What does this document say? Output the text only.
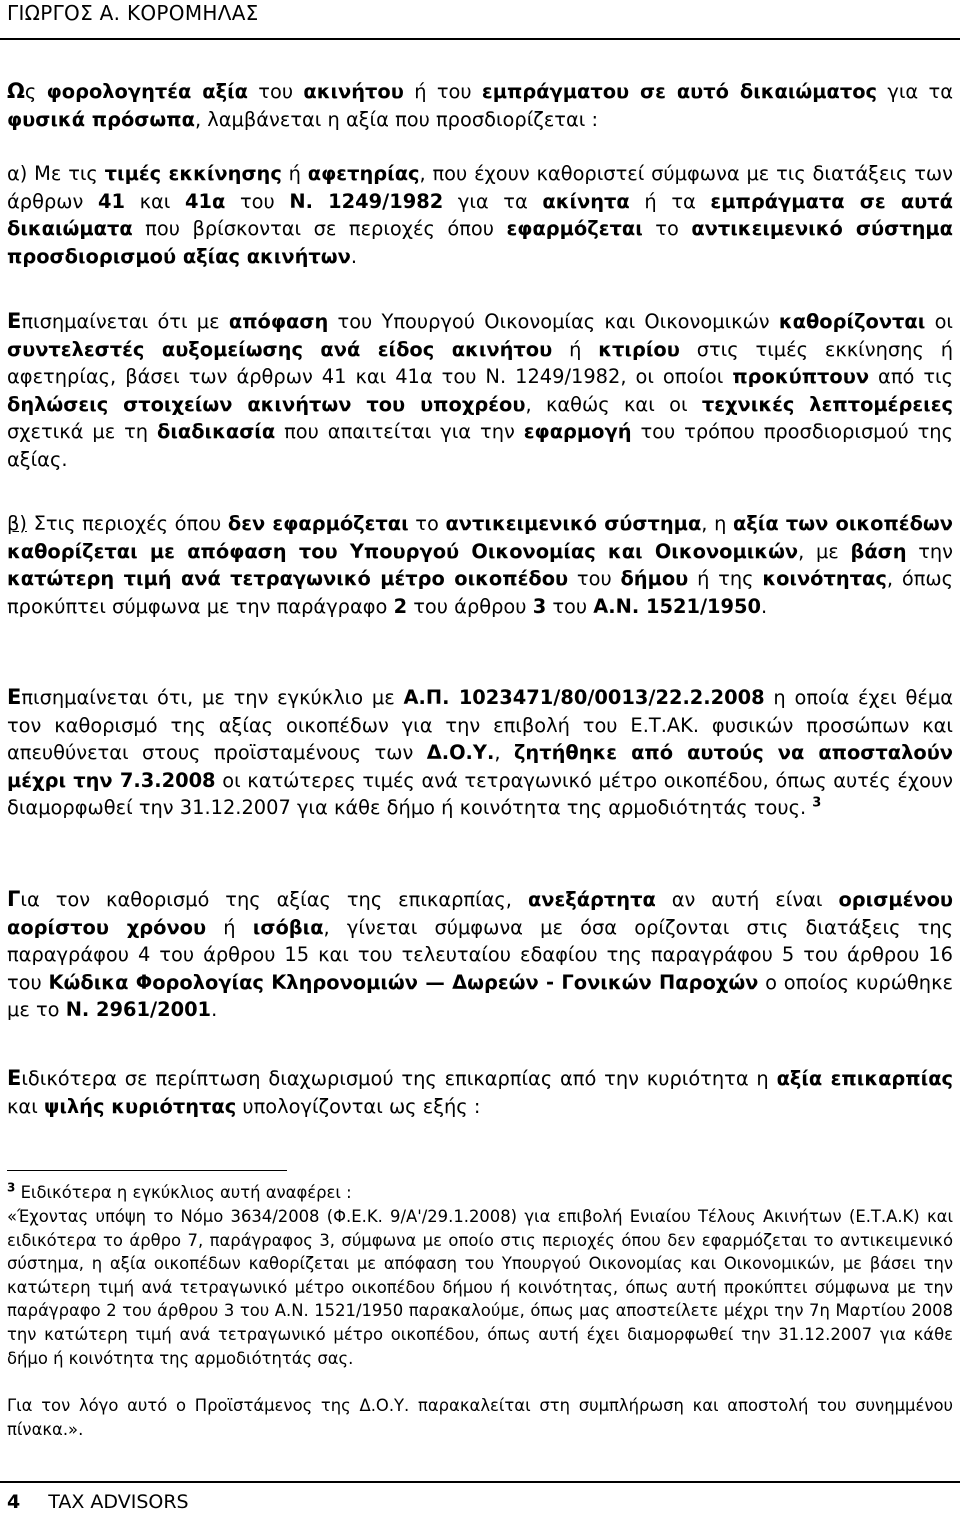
ΓΙΩΡΓΟΣ Α. ΚΟΡΟΜΗΛΑΣ

Ως φορολογητέα αξία του ακινήτου ή του εμπράγματου σε αυτό δικαιώματος για τα φυσικά πρόσωπα, λαμβάνεται η αξία που προσδιορίζεται :

α) Με τις τιμές εκκίνησης ή αφετηρίας, που έχουν καθοριστεί σύμφωνα με τις διατάξεις των άρθρων 41 και 41α του Ν. 1249/1982 για τα ακίνητα ή τα εμπράγματα σε αυτά δικαιώματα που βρίσκονται σε περιοχές όπου εφαρμόζεται το αντικειμενικό σύστημα προσδιορισμού αξίας ακινήτων.

Επισημαίνεται ότι με απόφαση του Υπουργού Οικονομίας και Οικονομικών καθορίζονται οι συντελεστές αυξομείωσης ανά είδος ακινήτου ή κτιρίου στις τιμές εκκίνησης ή αφετηρίας, βάσει των άρθρων 41 και 41α του Ν. 1249/1982, οι οποίοι προκύπτουν από τις δηλώσεις στοιχείων ακινήτων του υποχρέου, καθώς και οι τεχνικές λεπτομέρειες σχετικά με τη διαδικασία που απαιτείται για την εφαρμογή του τρόπου προσδιορισμού της αξίας.

β) Στις περιοχές όπου δεν εφαρμόζεται το αντικειμενικό σύστημα, η αξία των οικοπέδων καθορίζεται με απόφαση του Υπουργού Οικονομίας και Οικονομικών, με βάση την κατώτερη τιμή ανά τετραγωνικό μέτρο οικοπέδου του δήμου ή της κοινότητας, όπως προκύπτει σύμφωνα με την παράγραφο 2 του άρθρου 3 του Α.Ν. 1521/1950.

Επισημαίνεται ότι, με την εγκύκλιο με Α.Π. 1023471/80/0013/22.2.2008 η οποία έχει θέμα τον καθορισμό της αξίας οικοπέδων για την επιβολή του Ε.Τ.ΑΚ. φυσικών προσώπων και απευθύνεται στους προϊσταμένους των Δ.Ο.Υ., ζητήθηκε από αυτούς να αποσταλούν μέχρι την 7.3.2008 οι κατώτερες τιμές ανά τετραγωνικό μέτρο οικοπέδου, όπως αυτές έχουν διαμορφωθεί την 31.12.2007 για κάθε δήμο ή κοινότητα της αρμοδιότητάς τους. $^3$

Για τον καθορισμό της αξίας της επικαρπίας, ανεξάρτητα αν αυτή είναι ορισμένου αορίστου χρόνου ή ισόβια, γίνεται σύμφωνα με όσα ορίζονται στις διατάξεις της παραγράφου 4 του άρθρου 15 και του τελευταίου εδαφίου της παραγράφου 5 του άρθρου 16 του Κώδικα Φορολογίας Κληρονομιών — Δωρεών - Γονικών Παροχών ο οποίος κυρώθηκε με το Ν. 2961/2001.

Ειδικότερα σε περίπτωση διαχωρισμού της επικαρπίας από την κυριότητα η αξία επικαρπίας και ψιλής κυριότητας υπολογίζονται ως εξής :

$^3$ Ειδικότερα η εγκύκλιος αυτή αναφέρει :

«Έχοντας υπόψη το Νόμο 3634/2008 (Φ.Ε.Κ. 9/Α'/29.1.2008) για επιβολή Ενιαίου Τέλους Ακινήτων (Ε.Τ.Α.Κ) και ειδικότερα το άρθρο 7, παράγραφος 3, σύμφωνα με οποίο στις περιοχές όπου δεν εφαρμόζεται το αντικειμενικό σύστημα, η αξία οικοπέδων καθορίζεται με απόφαση του Υπουργού Οικονομίας και Οικονομικών, με βάσει την κατώτερη τιμή ανά τετραγωνικό μέτρο οικοπέδου δήμου ή κοινότητας, όπως αυτή προκύπτει σύμφωνα με την παράγραφο 2 του άρθρου 3 του Α.Ν. 1521/1950 παρακαλούμε, όπως μας αποστείλετε μέχρι την 7η Μαρτίου 2008 την κατώτερη τιμή ανά τετραγωνικό μέτρο οικοπέδου, όπως αυτή έχει διαμορφωθεί την 31.12.2007 για κάθε δήμο ή κοινότητα της αρμοδιότητάς σας.

Για τον λόγο αυτό ο Προϊστάμενος της Δ.Ο.Υ. παρακαλείται στη συμπλήρωση και αποστολή του συνημμένου πίνακα.».

4 TAX ADVISORS
